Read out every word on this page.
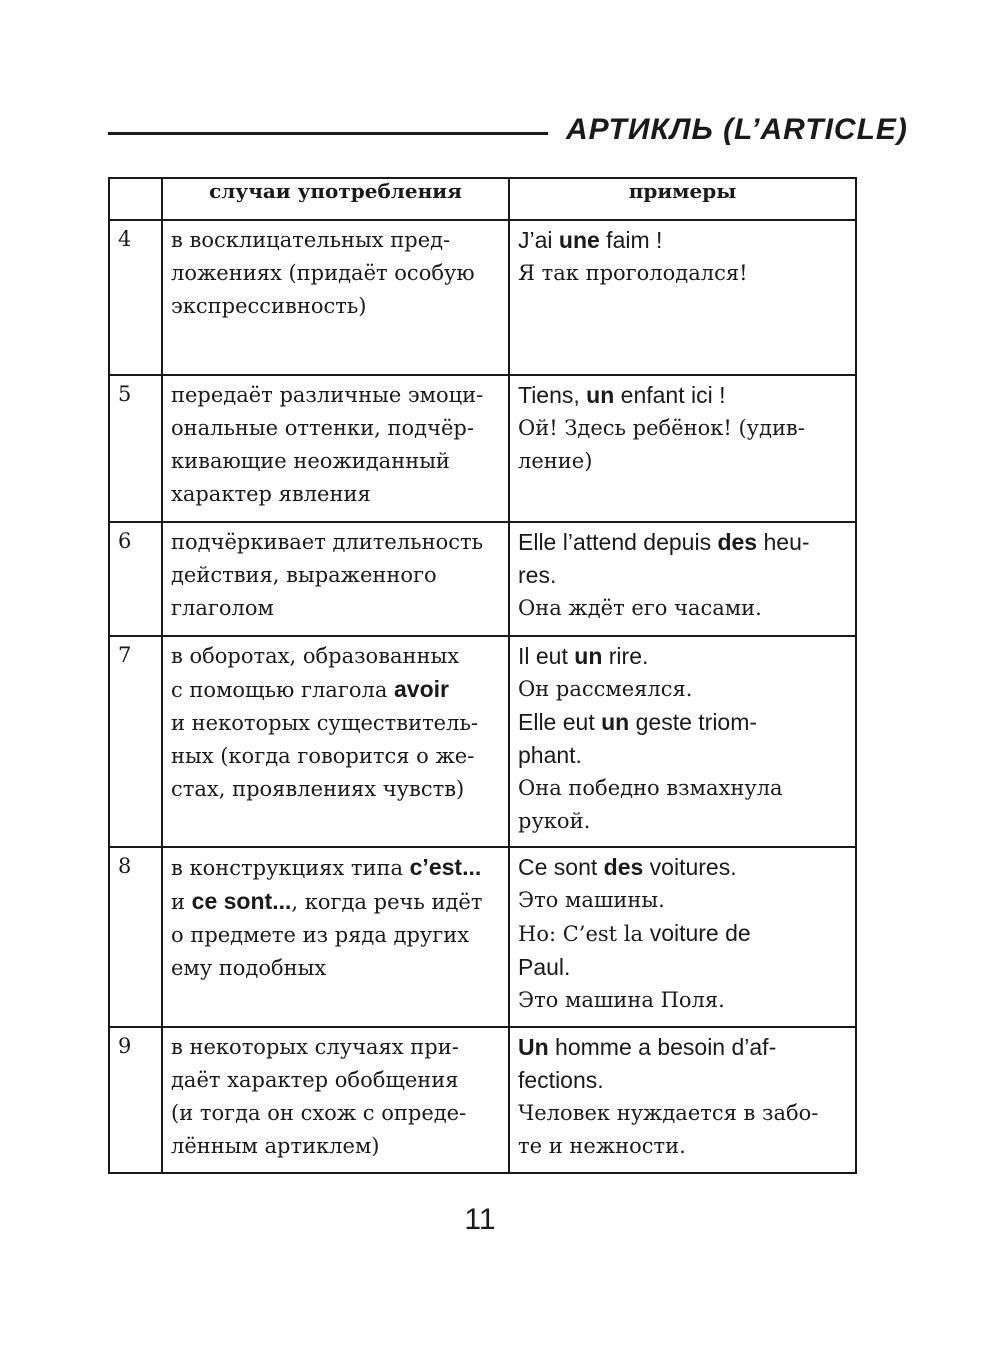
АРТИКЛЬ (L’ARTICLE)
	случаи употребления	примеры
4	в восклицательных пред-
ложениях (придаёт особую
экспрессивность)

J’ai une faim !
Я так проголодался!

5	передаёт различные эмоци-
ональные оттенки, подчёр-
кивающие неожиданный
характер явления

Tiens, un enfant ici !
Ой! Здесь ребёнок! (удив-
ление)

6	подчёркивает длительность
действия, выраженного
глаголом

Elle l’attend depuis des heu-
res.
Она ждёт его часами.

7	в оборотах, образованных
с помощью глагола avoir
и некоторых существитель-
ных (когда говорится о же-
стах, проявлениях чувств)

Il eut un rire.
Он рассмеялся.
Elle eut un geste triom-
phant.
Она победно взмахнула
рукой.

8	в конструкциях типа c’est...
и ce sont..., когда речь идёт
о предмете из ряда других
ему подобных

Ce sont des voitures.
Это машины.
Но: С’est la voiture de
Paul.
Это машина Поля.

9	в некоторых случаях при-
даёт характер обобщения
(и тогда он схож с опреде-
лённым артиклем)

Un homme a besoin d’af-
fections.
Человек нуждается в забо-
те и нежности.
11
